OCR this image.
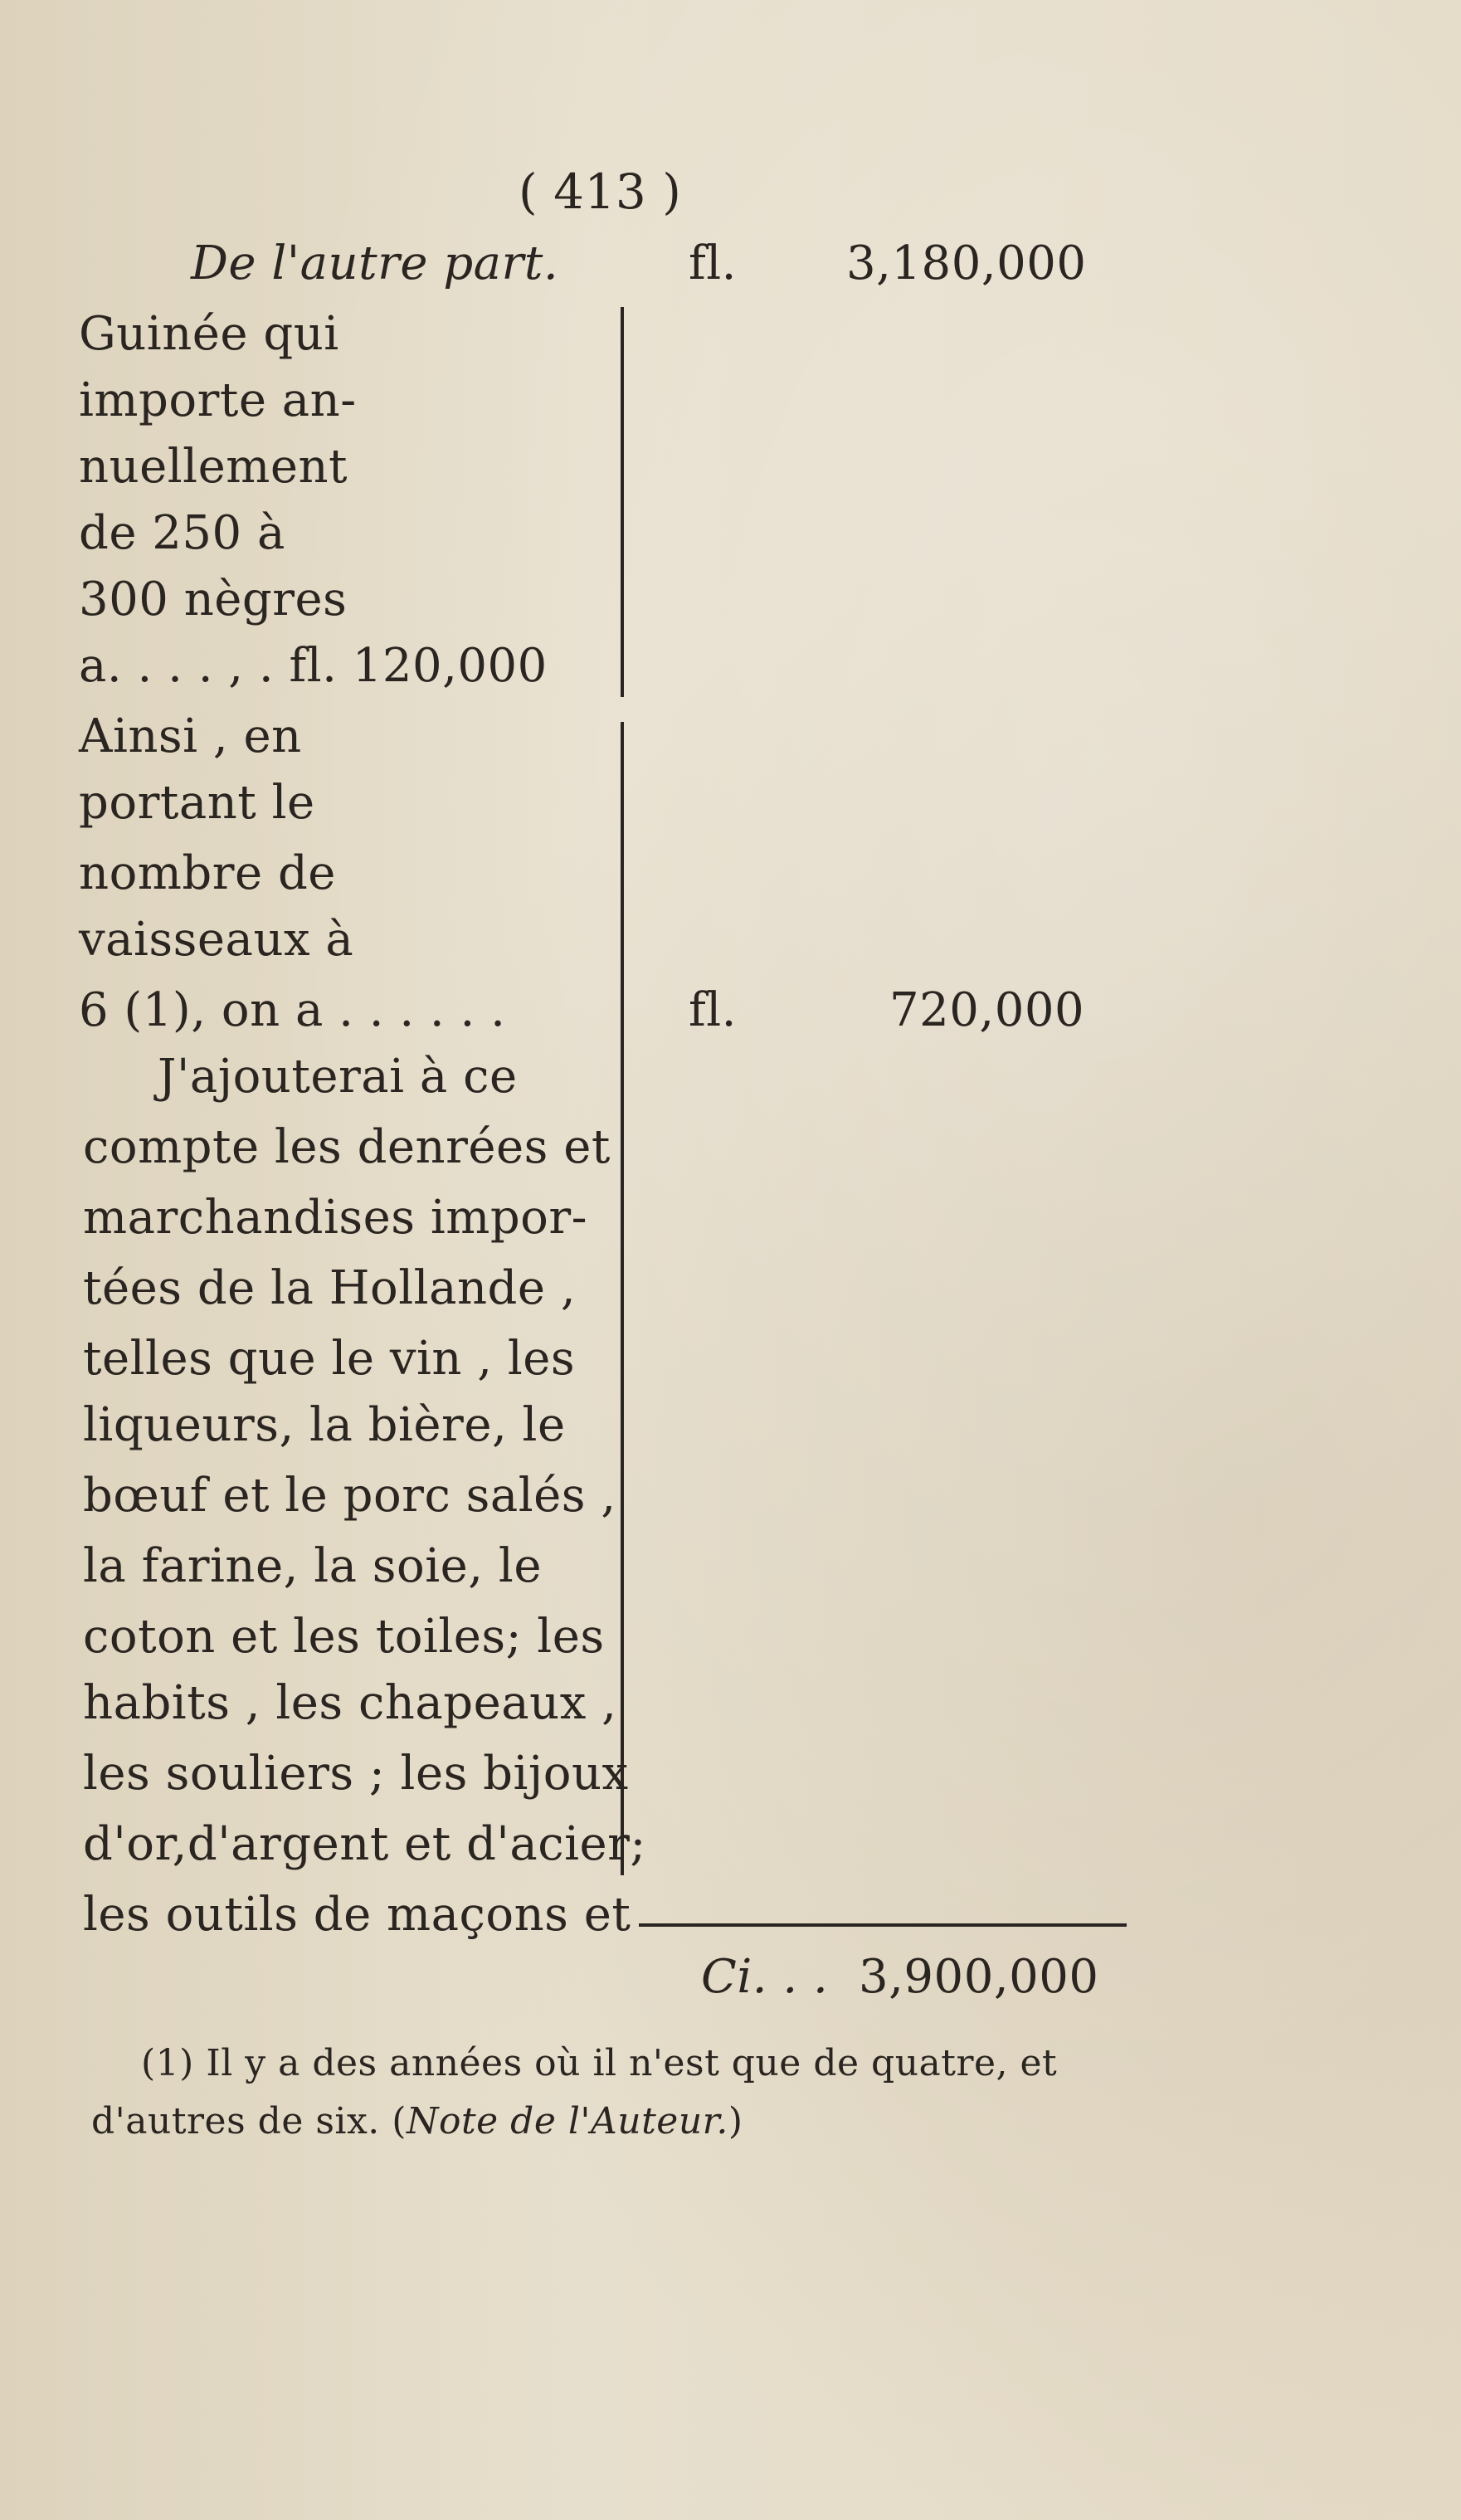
( 413 )
De l'autre part.	fl. 3,180,000
Guinée qui
importe an-
nuellement
de 250 à
300 nègres
a. . . . , . fl. 120,000
Ainsi , en
portant le
nombre de
vaisseaux à
6 (1), on a . . . . . .	fl.	720,000
J'ajouterai à ce
compte les denrées et
marchandises impor-
tées de la Hollande ,
telles que le vin , les
liqueurs, la bière, le
bœuf et le porc salés ,
la farine, la soie, le
coton et les toiles; les
habits , les chapeaux ,
les souliers ; les bijoux
d'or,d'argent et d'acier;
les outils de maçons et
Ci. . . 3,900,000
(1) Il y a des années où il n'est que de quatre, et
d'autres de six. (Note de l'Auteur.)
